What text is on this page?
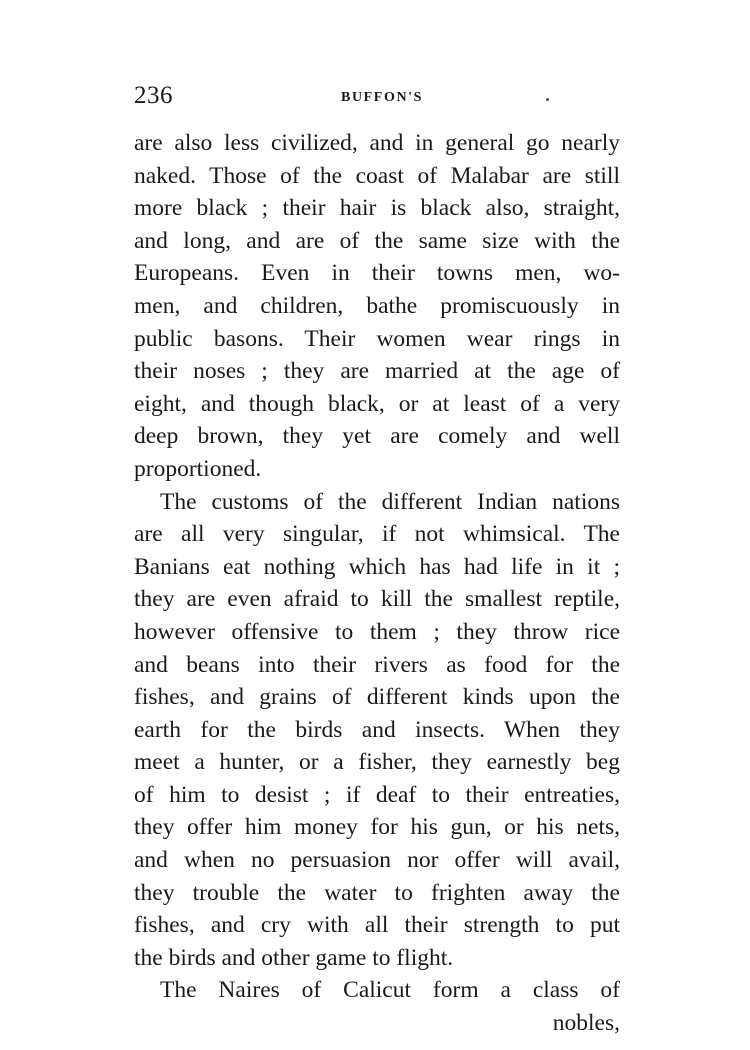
236	BUFFON'S
are also less civilized, and in general go nearly
naked. Those of the coast of Malabar are still
more black ; their hair is black also, straight,
and long, and are of the same size with the
Europeans. Even in their towns men, wo-
men, and children, bathe promiscuously in
public basons. Their women wear rings in
their noses ; they are married at the age of
eight, and though black, or at least of a very
deep brown, they yet are comely and well
proportioned.
The customs of the different Indian nations
are all very singular, if not whimsical. The
Banians eat nothing which has had life in it ;
they are even afraid to kill the smallest reptile,
however offensive to them ; they throw rice
and beans into their rivers as food for the
fishes, and grains of different kinds upon the
earth for the birds and insects. When they
meet a hunter, or a fisher, they earnestly beg
of him to desist ; if deaf to their entreaties,
they offer him money for his gun, or his nets,
and when no persuasion nor offer will avail,
they trouble the water to frighten away the
fishes, and cry with all their strength to put
the birds and other game to flight.
The Naires of Calicut form a class of
nobles,
